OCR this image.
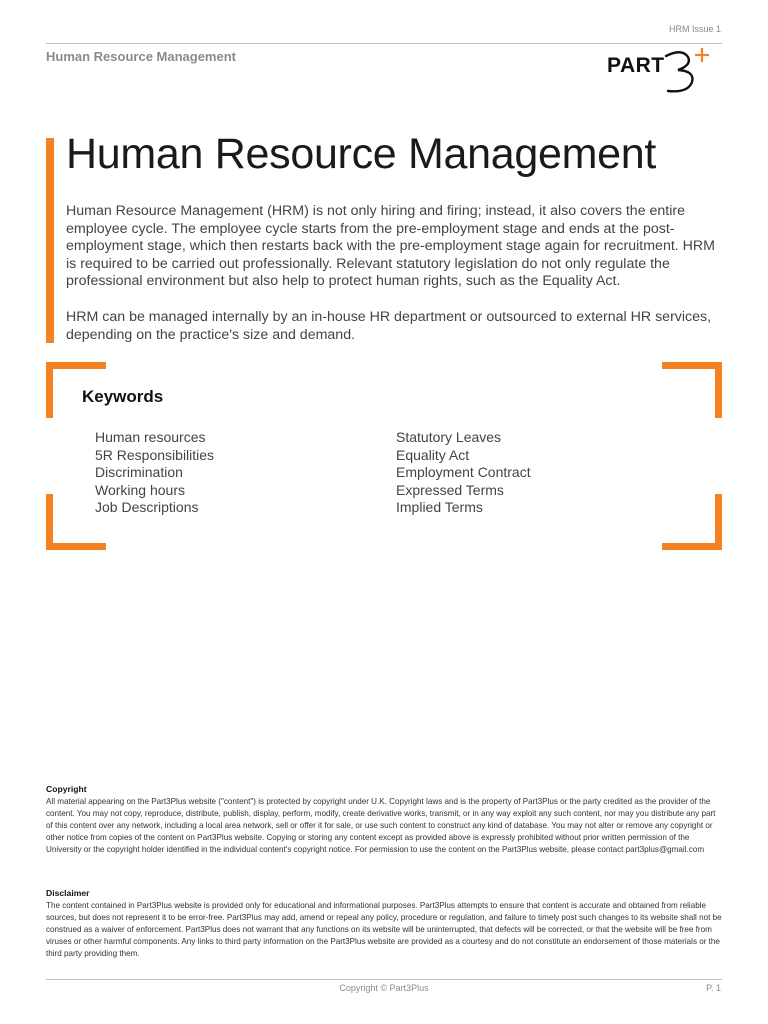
HRM Issue 1
Human Resource Management	PART
Human Resource Management

Human Resource Management (HRM) is not only hiring and firing; instead, it also covers the entire employee cycle. The employee cycle starts from the pre-employment stage and ends at the post-employment stage, which then restarts back with the pre-employment stage again for recruitment. HRM is required to be carried out professionally. Relevant statutory legislation do not only regulate the professional environment but also help to protect human rights, such as the Equality Act.

HRM can be managed internally by an in-house HR department or outsourced to external HR services, depending on the practice's size and demand.

Keywords
Human resources
5R Responsibilities
Discrimination
Working hours
Job Descriptions
Statutory Leaves
Equality Act
Employment Contract
Expressed Terms
Implied Terms
Copyright
All material appearing on the Part3Plus website ("content") is protected by copyright under U.K. Copyright laws and is the property of Part3Plus or the party credited as the provider of the content. You may not copy, reproduce, distribute, publish, display, perform, modify, create derivative works, transmit, or in any way exploit any such content, nor may you distribute any part of this content over any network, including a local area network, sell or offer it for sale, or use such content to construct any kind of database. You may not alter or remove any copyright or other notice from copies of the content on Part3Plus website. Copying or storing any content except as provided above is expressly prohibited without prior written permission of the University or the copyright holder identified in the individual content's copyright notice. For permission to use the content on the Part3Plus website, please contact part3plus@gmail.com
Disclaimer
The content contained in Part3Plus website is provided only for educational and informational purposes. Part3Plus attempts to ensure that content is accurate and obtained from reliable sources, but does not represent it to be error-free. Part3Plus may add, amend or repeal any policy, procedure or regulation, and failure to timely post such changes to its website shall not be construed as a waiver of enforcement. Part3Plus does not warrant that any functions on its website will be uninterrupted, that defects will be corrected, or that the website will be free from viruses or other harmful components. Any links to third party information on the Part3Plus website are provided as a courtesy and do not constitute an endorsement of those materials or the third party providing them.
Copyright © Part3Plus	P. 1
